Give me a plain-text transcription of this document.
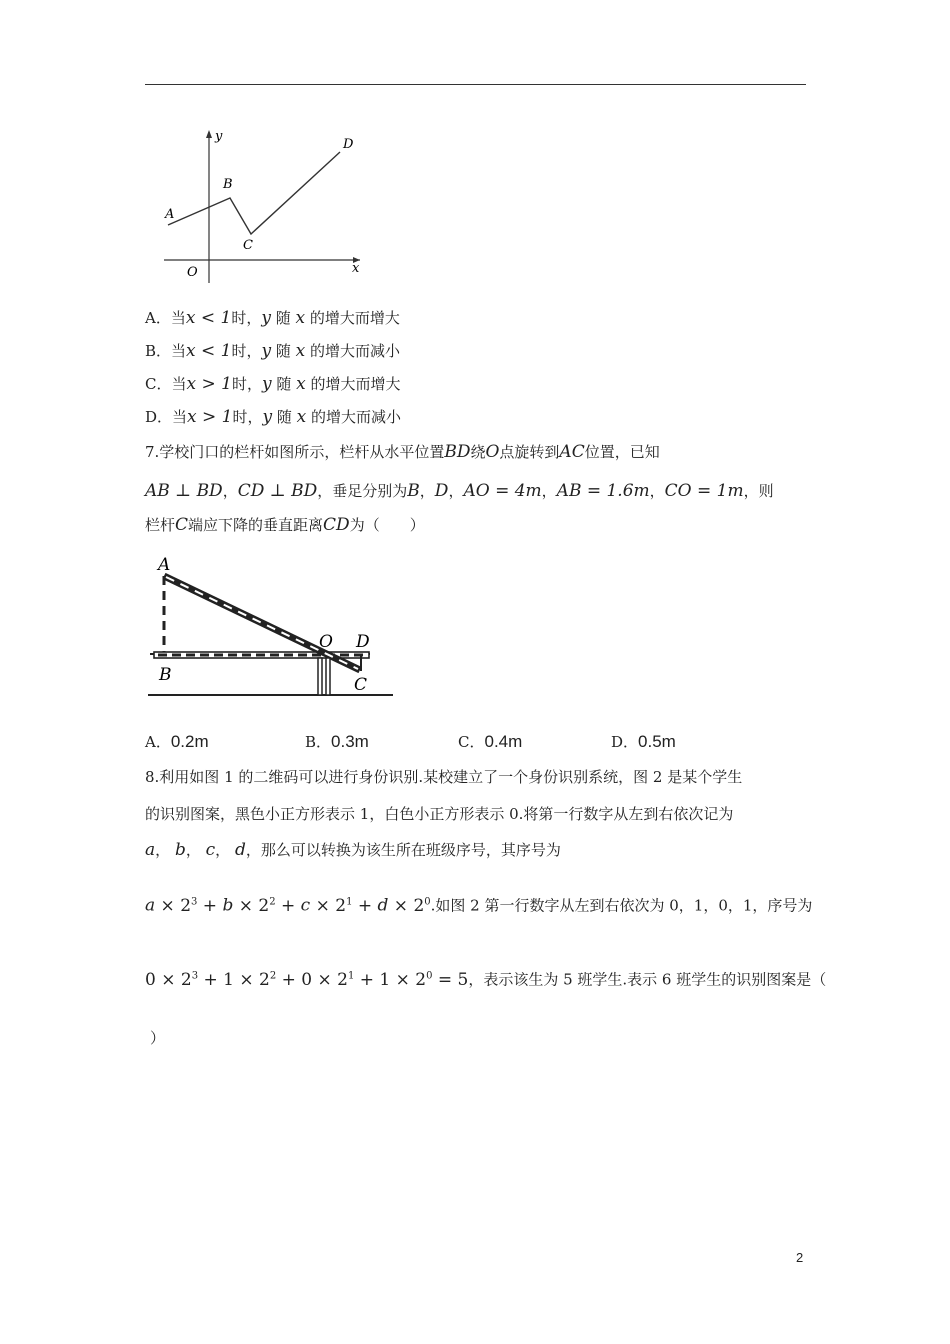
y
x
O
A
B
C
D
A．当x < 1时，y 随 x 的增大而增大
B．当x < 1时，y 随 x 的增大而减小
C．当x > 1时，y 随 x 的增大而增大
D．当x > 1时，y 随 x 的增大而减小
7.学校门口的栏杆如图所示，栏杆从水平位置BD绕O点旋转到AC位置，已知
AB ⊥ BD，CD ⊥ BD，垂足分别为B，D，AO = 4m，AB = 1.6m，CO = 1m，则
栏杆C端应下降的垂直距离CD为（　　）
A
O D
B	C
A．0.2m	B．0.3m	C．0.4m	D．0.5m
8.利用如图 1 的二维码可以进行身份识别.某校建立了一个身份识别系统，图 2 是某个学生
的识别图案，黑色小正方形表示 1，白色小正方形表示 0.将第一行数字从左到右依次记为
a， b， c， d，那么可以转换为该生所在班级序号，其序号为
$a \times 2^3 + b \times 2^2 + c \times 2^1 + d \times 2^0$.如图 2 第一行数字从左到右依次为 0，1，0，1，序号为
$0 \times 2^3 + 1 \times 2^2 + 0 \times 2^1 + 1 \times 2^0 = 5$，表示该生为 5 班学生.表示 6 班学生的识别图案是（
）
2
